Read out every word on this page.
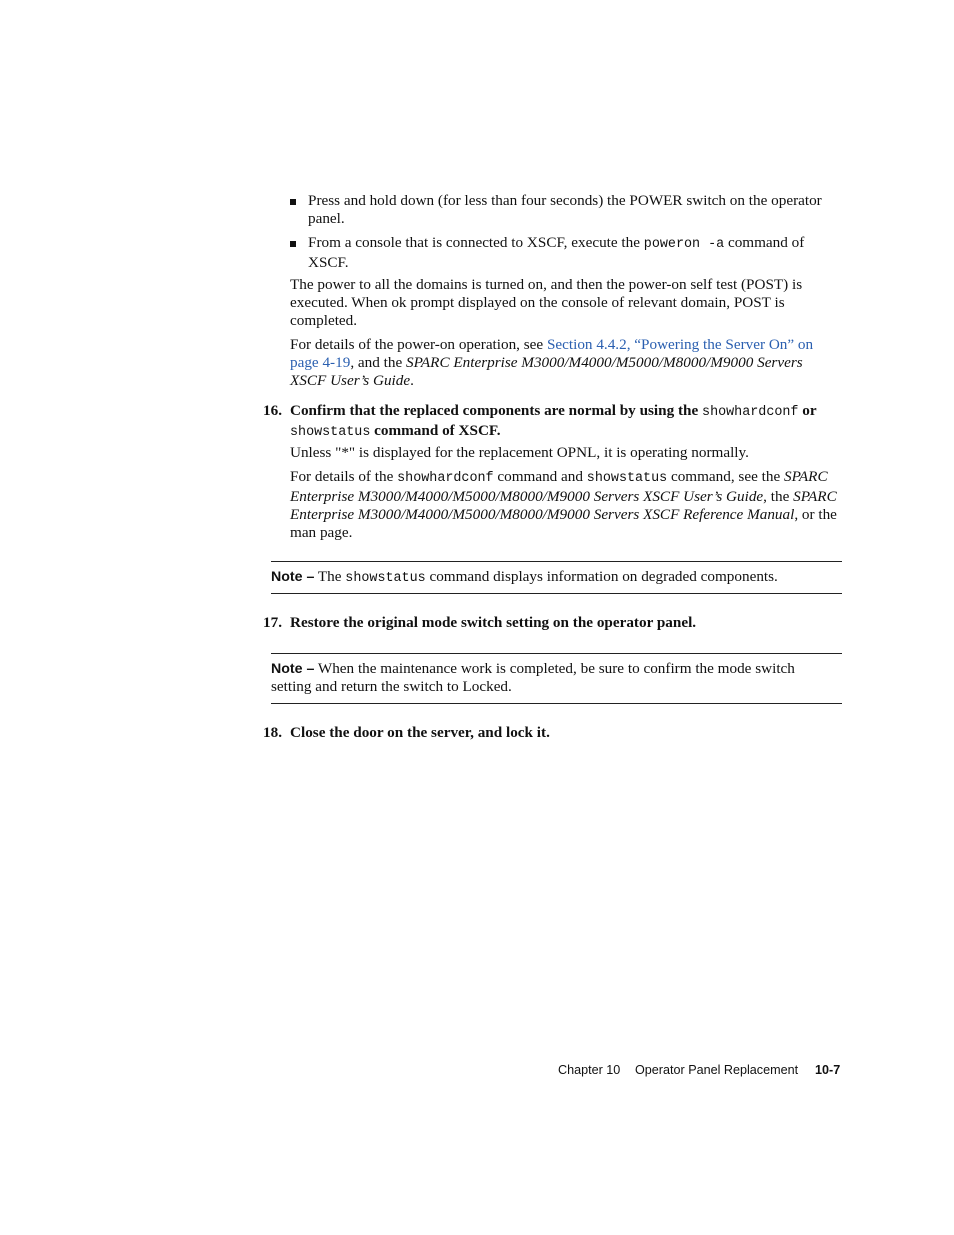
Press and hold down (for less than four seconds) the POWER switch on the operator panel.
From a console that is connected to XSCF, execute the poweron -a command of XSCF.
The power to all the domains is turned on, and then the power-on self test (POST) is executed. When ok prompt displayed on the console of relevant domain, POST is completed.
For details of the power-on operation, see Section 4.4.2, “Powering the Server On” on page 4-19, and the SPARC Enterprise M3000/M4000/M5000/M8000/M9000 Servers XSCF User’s Guide.
16. Confirm that the replaced components are normal by using the showhardconf or showstatus command of XSCF.
Unless "*" is displayed for the replacement OPNL, it is operating normally.
For details of the showhardconf command and showstatus command, see the SPARC Enterprise M3000/M4000/M5000/M8000/M9000 Servers XSCF User’s Guide, the SPARC Enterprise M3000/M4000/M5000/M8000/M9000 Servers XSCF Reference Manual, or the man page.
Note – The showstatus command displays information on degraded components.
17. Restore the original mode switch setting on the operator panel.
Note – When the maintenance work is completed, be sure to confirm the mode switch setting and return the switch to Locked.
18. Close the door on the server, and lock it.
Chapter 10 Operator Panel Replacement 10-7
